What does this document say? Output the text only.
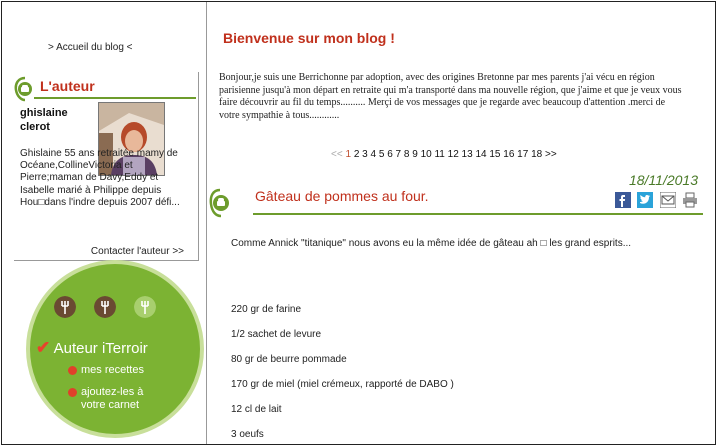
> Accueil du blog <
L'auteur
ghislaine clerot
Ghislaine 55 ans retraitée mamy de Océane,CollineVictoria et Pierre;maman de Davy,Eddy et Isabelle marié à Philippe depuis Hou□dans l'indre depuis 2007 défi...
Contacter l'auteur >>
✔ Auteur iTerroir
mes recettes
ajoutez-les à
votre carnet
Bienvenue sur mon blog !
Bonjour,je suis une Berrichonne par adoption, avec des origines Bretonne par mes parents j'ai vécu en région parisienne jusqu'à mon départ en retraite qui m'a transporté dans ma nouvelle région, que j'aime et que je veux vous faire découvrir au fil du temps.......... Merçi de vos messages que je regarde avec beaucoup d'attention .merci de votre sympathie à tous............
<< 1 2 3 4 5 6 7 8 9 10 11 12 13 14 15 16 17 18 >>
18/11/2013

Gâteau de pommes au four.

Comme Annick "titanique" nous avons eu la même idée de gâteau ah □ les grand esprits...

220 gr de farine

1/2 sachet de levure

80 gr de beurre pommade

170 gr de miel (miel crémeux, rapporté de DABO )

12 cl de lait

3 oeufs
